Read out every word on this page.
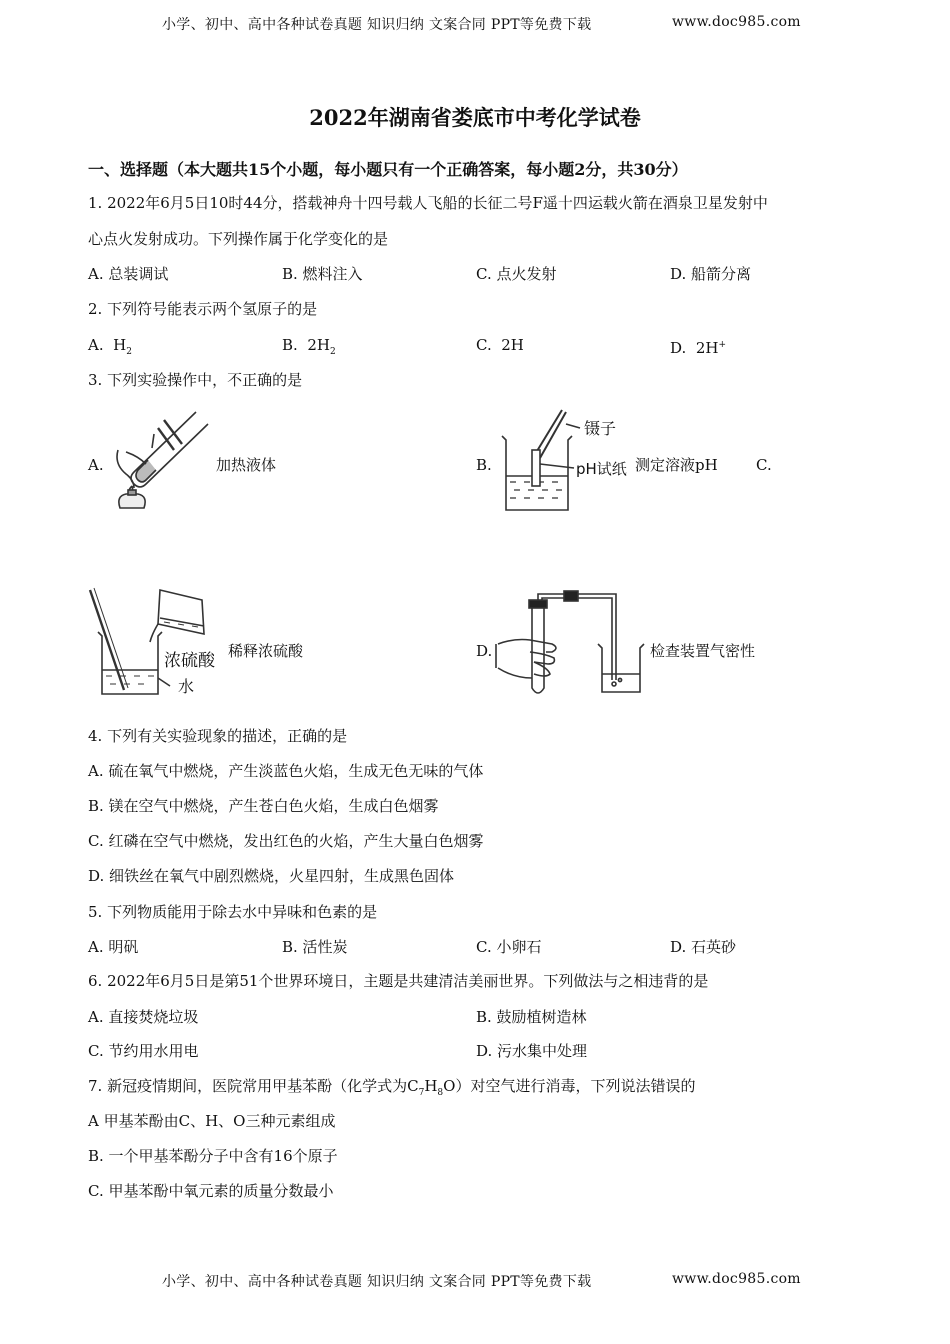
小学、初中、高中各种试卷真题 知识归纳 文案合同 PPT等免费下载	www.doc985.com
2022年湖南省娄底市中考化学试卷
一、选择题（本大题共15个小题，每小题只有一个正确答案，每小题2分，共30分）
1. 2022年6月5日10时44分，搭载神舟十四号载人飞船的长征二号F遥十四运载火箭在酒泉卫星发射中
心点火发射成功。下列操作属于化学变化的是
A. 总装调试	B. 燃料注入	C. 点火发射	D. 船箭分离
2. 下列符号能表示两个氢原子的是
A. $H_2$	B. $2H_2$	C. 2H	D. 2H+
3. 下列实验操作中，不正确的是
A.	加热液体	B.
镊子
pH试纸 测定溶液pH	C.
浓硫酸
水
稀释浓硫酸	D.	检查装置气密性
4. 下列有关实验现象的描述，正确的是
A. 硫在氧气中燃烧，产生淡蓝色火焰，生成无色无味的气体
B. 镁在空气中燃烧，产生苍白色火焰，生成白色烟雾
C. 红磷在空气中燃烧，发出红色的火焰，产生大量白色烟雾
D. 细铁丝在氧气中剧烈燃烧，火星四射，生成黑色固体
5. 下列物质能用于除去水中异味和色素的是
A. 明矾	B. 活性炭	C. 小卵石	D. 石英砂
6. 2022年6月5日是第51个世界环境日，主题是共建清洁美丽世界。下列做法与之相违背的是
A. 直接焚烧垃圾	B. 鼓励植树造林
C. 节约用水用电	D. 污水集中处理
7. 新冠疫情期间，医院常用甲基苯酚（化学式为$C_7H_8O$）对空气进行消毒，下列说法错误的
A 甲基苯酚由C、H、O三种元素组成
B. 一个甲基苯酚分子中含有16个原子
C. 甲基苯酚中氧元素的质量分数最小
小学、初中、高中各种试卷真题 知识归纳 文案合同 PPT等免费下载	www.doc985.com
